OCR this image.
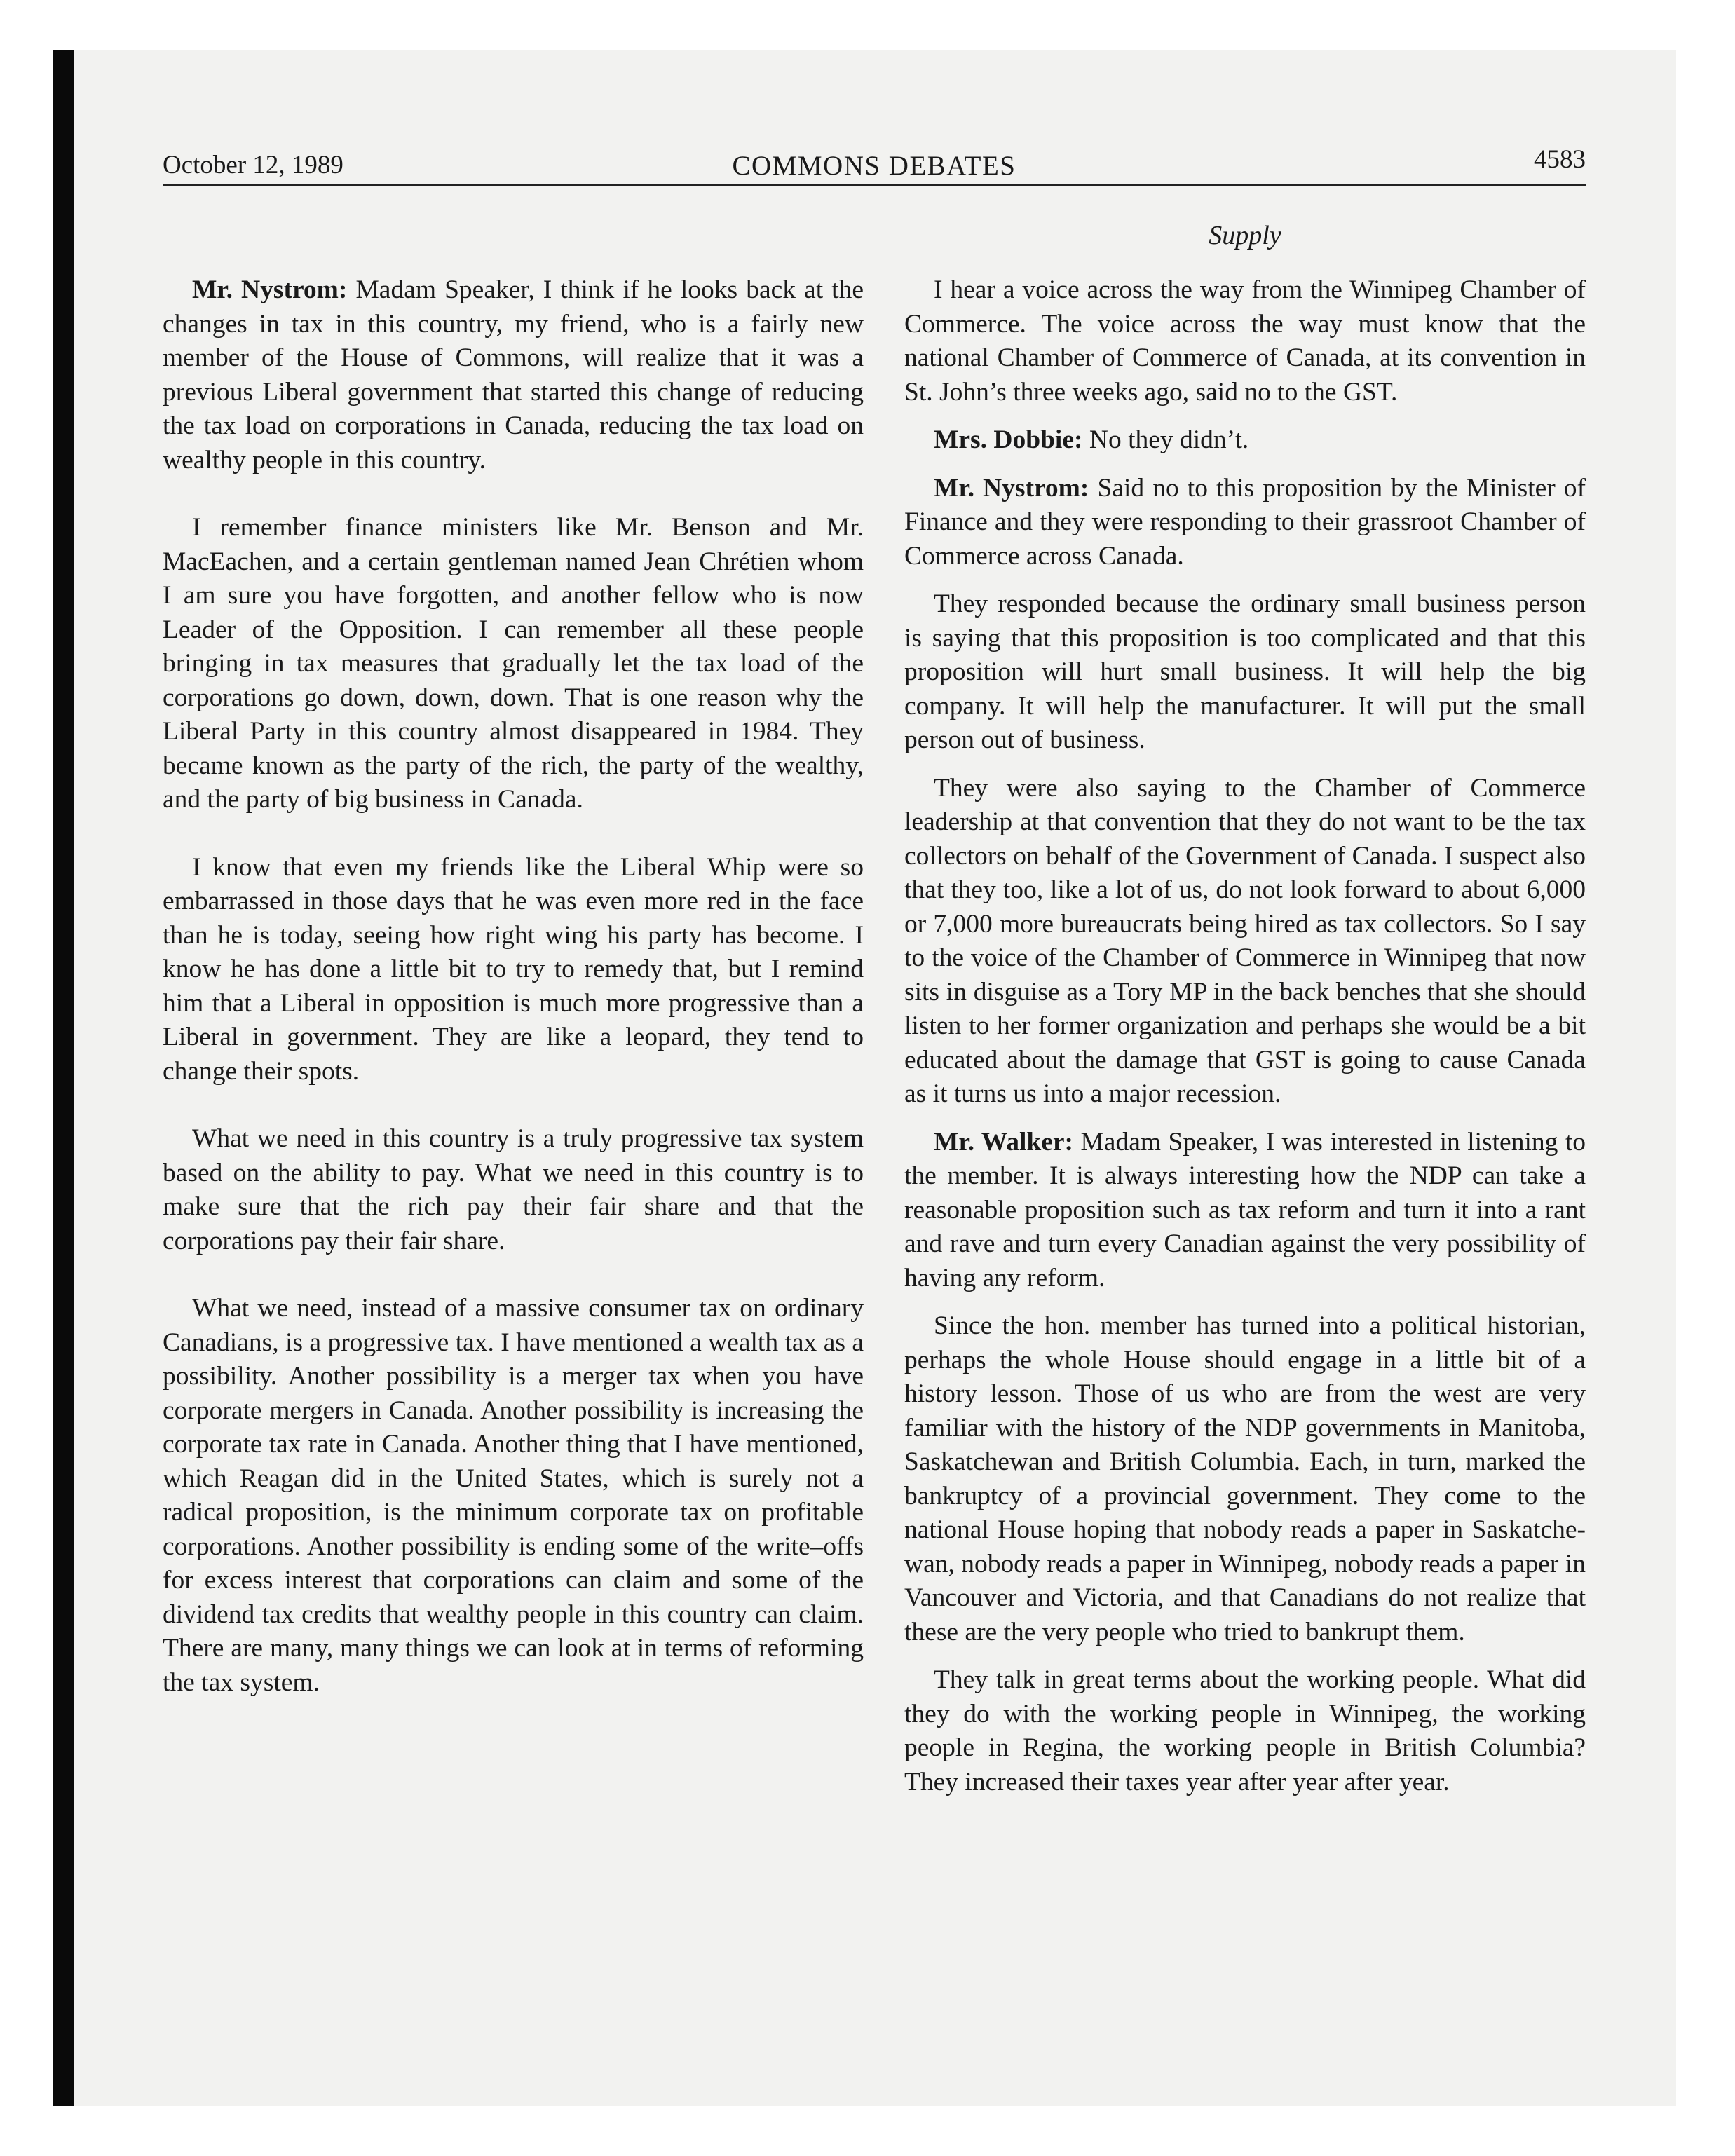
October 12, 1989	COMMONS DEBATES	4583
Supply

Mr. Nystrom: Madam Speaker, I think if he looks back at the changes in tax in this country, my friend, who is a fairly new member of the House of Commons, will realize that it was a previous Liberal government that started this change of reducing the tax load on corporations in Canada, reducing the tax load on wealthy people in this country.

I remember finance ministers like Mr. Benson and Mr. MacEachen, and a certain gentleman named Jean Chrétien whom I am sure you have forgotten, and another fellow who is now Leader of the Opposition. I can remember all these people bringing in tax measures that gradually let the tax load of the corporations go down, down, down. That is one reason why the Liberal Party in this country almost disappeared in 1984. They became known as the party of the rich, the party of the wealthy, and the party of big business in Canada.

I know that even my friends like the Liberal Whip were so embarrassed in those days that he was even more red in the face than he is today, seeing how right wing his party has become. I know he has done a little bit to try to remedy that, but I remind him that a Liberal in opposition is much more progressive than a Liberal in government. They are like a leopard, they tend to change their spots.

What we need in this country is a truly progressive tax system based on the ability to pay. What we need in this country is to make sure that the rich pay their fair share and that the corporations pay their fair share.

What we need, instead of a massive consumer tax on ordinary Canadians, is a progressive tax. I have mentioned a wealth tax as a possibility. Another possibility is a merger tax when you have corporate mergers in Canada. Another possibility is increasing the corporate tax rate in Canada. Another thing that I have mentioned, which Reagan did in the United States, which is surely not a radical proposition, is the minimum corporate tax on profitable corporations. Another possibility is ending some of the write–offs for excess interest that corporations can claim and some of the dividend tax credits that wealthy people in this country can claim. There are many, many things we can look at in terms of reforming the tax system.

I hear a voice across the way from the Winnipeg Chamber of Commerce. The voice across the way must know that the national Chamber of Commerce of Canada, at its convention in St. John’s three weeks ago, said no to the GST.

Mrs. Dobbie: No they didn’t.

Mr. Nystrom: Said no to this proposition by the Minister of Finance and they were responding to their grassroot Chamber of Commerce across Canada.

They responded because the ordinary small business person is saying that this proposition is too complicated and that this proposition will hurt small business. It will help the big company. It will help the manufacturer. It will put the small person out of business.

They were also saying to the Chamber of Commerce leadership at that convention that they do not want to be the tax collectors on behalf of the Government of Canada. I suspect also that they too, like a lot of us, do not look forward to about 6,000 or 7,000 more bureaucrats being hired as tax collectors. So I say to the voice of the Chamber of Commerce in Winnipeg that now sits in disguise as a Tory MP in the back benches that she should listen to her former organization and perhaps she would be a bit educated about the damage that GST is going to cause Canada as it turns us into a major recession.

Mr. Walker: Madam Speaker, I was interested in listening to the member. It is always interesting how the NDP can take a reasonable proposition such as tax reform and turn it into a rant and rave and turn every Canadian against the very possibility of having any reform.

Since the hon. member has turned into a political historian, perhaps the whole House should engage in a little bit of a history lesson. Those of us who are from the west are very familiar with the history of the NDP governments in Manitoba, Saskatchewan and British Columbia. Each, in turn, marked the bankruptcy of a provincial government. They come to the national House hoping that nobody reads a paper in Saskatchewan, nobody reads a paper in Winnipeg, nobody reads a paper in Vancouver and Victoria, and that Canadians do not realize that these are the very people who tried to bankrupt them.

They talk in great terms about the working people. What did they do with the working people in Winnipeg, the working people in Regina, the working people in British Columbia? They increased their taxes year after year after year.
